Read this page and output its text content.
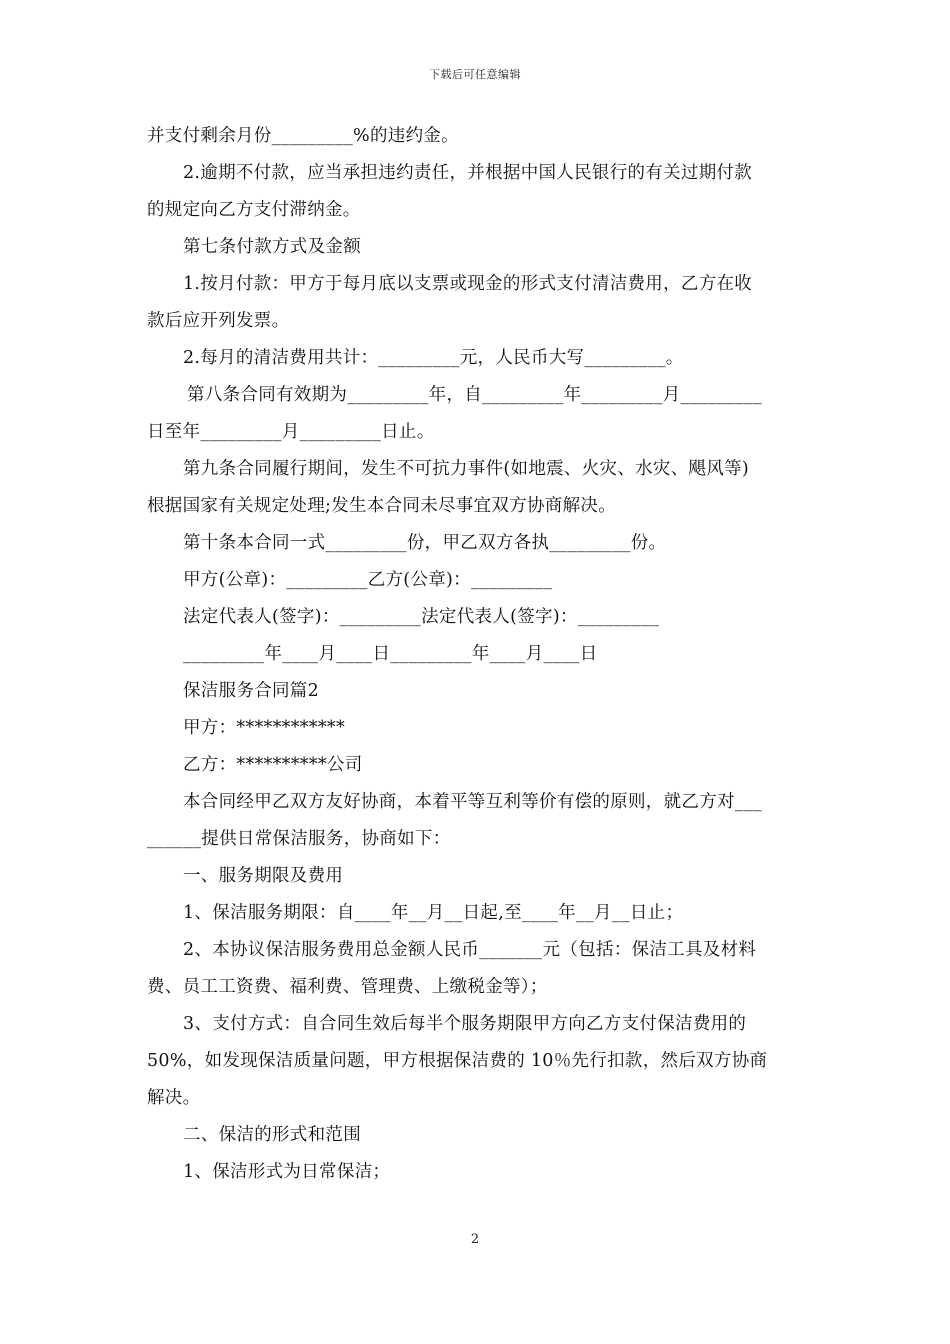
下载后可任意编辑
并支付剩余月份_________%的违约金。
2.逾期不付款，应当承担违约责任，并根据中国人民银行的有关过期付款
的规定向乙方支付滞纳金。
第七条付款方式及金额
1.按月付款：甲方于每月底以支票或现金的形式支付清洁费用，乙方在收
款后应开列发票。
2.每月的清洁费用共计：_________元，人民币大写_________。
第八条合同有效期为_________年，自_________年_________月_________
日至年_________月_________日止。
第九条合同履行期间，发生不可抗力事件(如地震、火灾、水灾、飓风等)
根据国家有关规定处理;发生本合同未尽事宜双方协商解决。
第十条本合同一式_________份，甲乙双方各执_________份。
甲方(公章)：_________乙方(公章)：_________
法定代表人(签字)：_________法定代表人(签字)：_________
_________年____月____日_________年____月____日
保洁服务合同篇2
甲方：************
乙方：**********公司
本合同经甲乙双方友好协商，本着平等互利等价有偿的原则，就乙方对___
______提供日常保洁服务，协商如下：
一、服务期限及费用
1、保洁服务期限：自____年__月__日起,至____年__月__日止；
2、本协议保洁服务费用总金额人民币_______元（包括：保洁工具及材料
费、员工工资费、福利费、管理费、上缴税金等）；
3、支付方式：自合同生效后每半个服务期限甲方向乙方支付保洁费用的
50%，如发现保洁质量问题，甲方根据保洁费的 10％先行扣款，然后双方协商
解决。
二、保洁的形式和范围
1、保洁形式为日常保洁；
2
